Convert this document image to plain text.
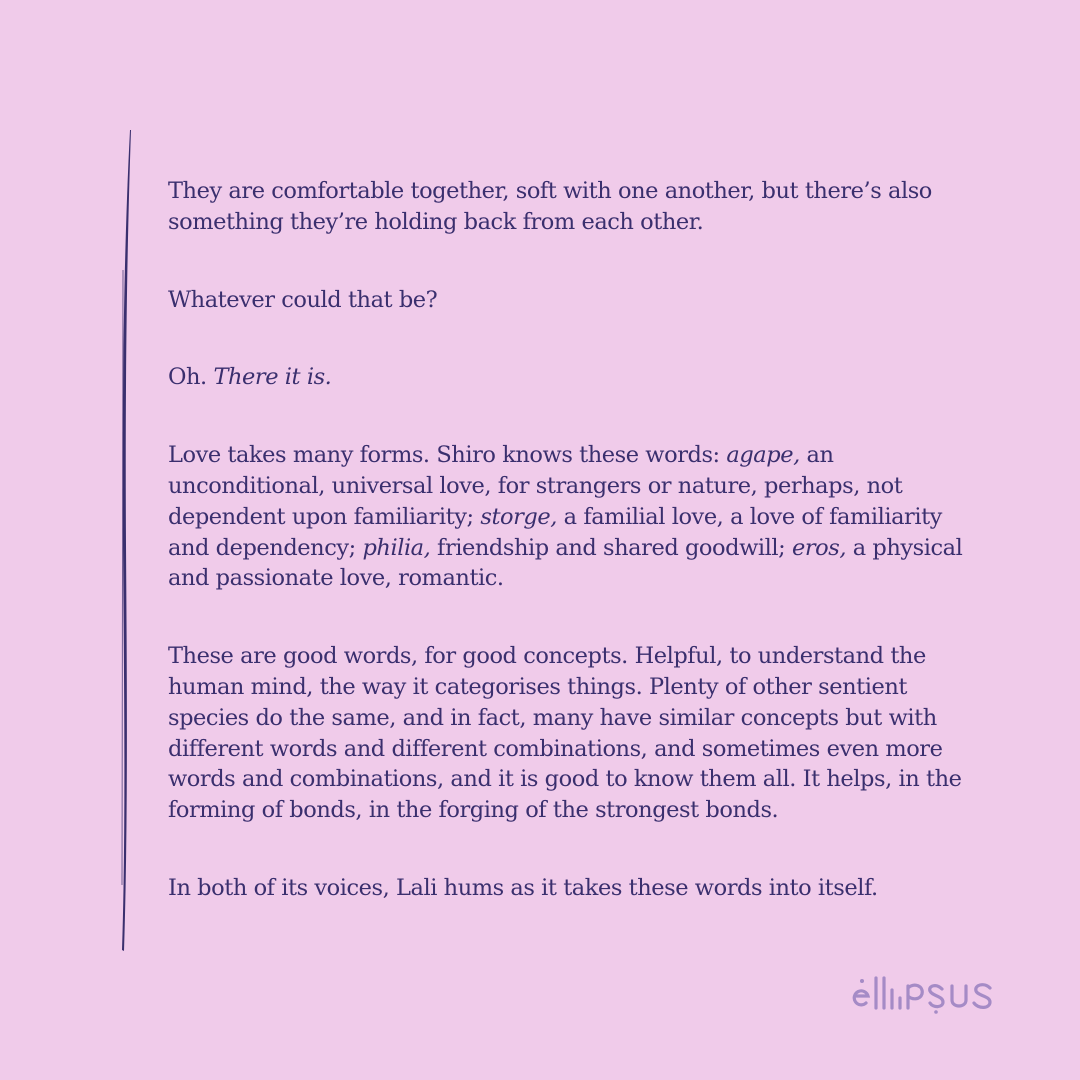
They are comfortable together, soft with one another, but there’s also something they’re holding back from each other.

Whatever could that be?

Oh. There it is.

Love takes many forms. Shiro knows these words: agape, an unconditional, universal love, for strangers or nature, perhaps, not dependent upon familiarity; storge, a familial love, a love of familiarity and dependency; philia, friendship and shared goodwill; eros, a physical and passionate love, romantic.

These are good words, for good concepts. Helpful, to understand the human mind, the way it categorises things. Plenty of other sentient species do the same, and in fact, many have similar concepts but with different words and different combinations, and sometimes even more words and combinations, and it is good to know them all. It helps, in the forming of bonds, in the forging of the strongest bonds.

In both of its voices, Lali hums as it takes these words into itself.

ellipsus
